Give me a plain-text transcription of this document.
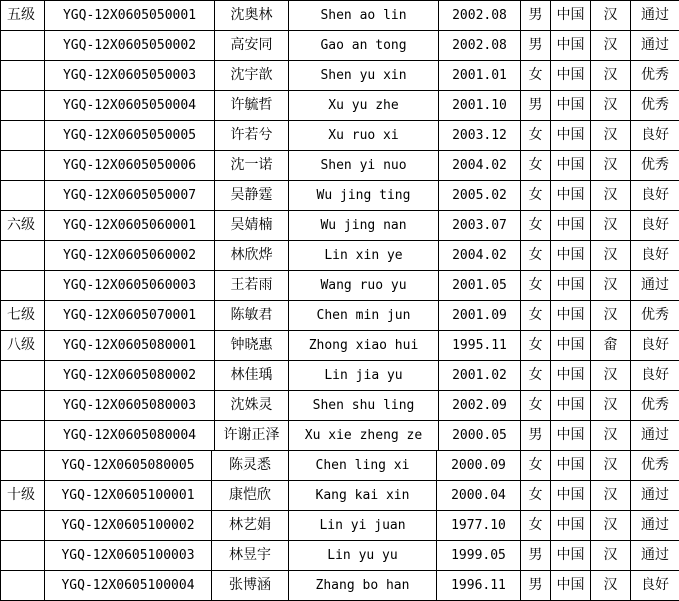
五级	YGQ-12X0605050001	沈奥林	Shen ao lin	2002.08	男	中国	汉	通过
	YGQ-12X0605050002	高安同	Gao an tong	2002.08	男	中国	汉	通过
	YGQ-12X0605050003	沈宇歆	Shen yu xin	2001.01	女	中国	汉	优秀
	YGQ-12X0605050004	许毓哲	Xu yu zhe	2001.10	男	中国	汉	优秀
	YGQ-12X0605050005	许若兮	Xu ruo xi	2003.12	女	中国	汉	良好
	YGQ-12X0605050006	沈一诺	Shen yi nuo	2004.02	女	中国	汉	优秀
	YGQ-12X0605050007	吴静霆	Wu jing ting	2005.02	女	中国	汉	良好
六级	YGQ-12X0605060001	吴婧楠	Wu jing nan	2003.07	女	中国	汉	良好
	YGQ-12X0605060002	林欣烨	Lin xin ye	2004.02	女	中国	汉	良好
	YGQ-12X0605060003	王若雨	Wang ruo yu	2001.05	女	中国	汉	通过
七级	YGQ-12X0605070001	陈敏君	Chen min jun	2001.09	女	中国	汉	优秀
八级	YGQ-12X0605080001	钟晓惠	Zhong xiao hui	1995.11	女	中国	畲	良好
	YGQ-12X0605080002	林佳瑀	Lin jia yu	2001.02	女	中国	汉	良好
	YGQ-12X0605080003	沈姝灵	Shen shu ling	2002.09	女	中国	汉	优秀
	YGQ-12X0605080004	许谢正泽	Xu xie zheng ze	2000.05	男	中国	汉	通过
	YGQ-12X0605080005	陈灵悉	Chen ling xi	2000.09	女	中国	汉	优秀
十级	YGQ-12X0605100001	康恺欣	Kang kai xin	2000.04	女	中国	汉	通过
	YGQ-12X0605100002	林艺娟	Lin yi juan	1977.10	女	中国	汉	通过
	YGQ-12X0605100003	林昱宇	Lin yu yu	1999.05	男	中国	汉	通过
	YGQ-12X0605100004	张博涵	Zhang bo han	1996.11	男	中国	汉	良好
